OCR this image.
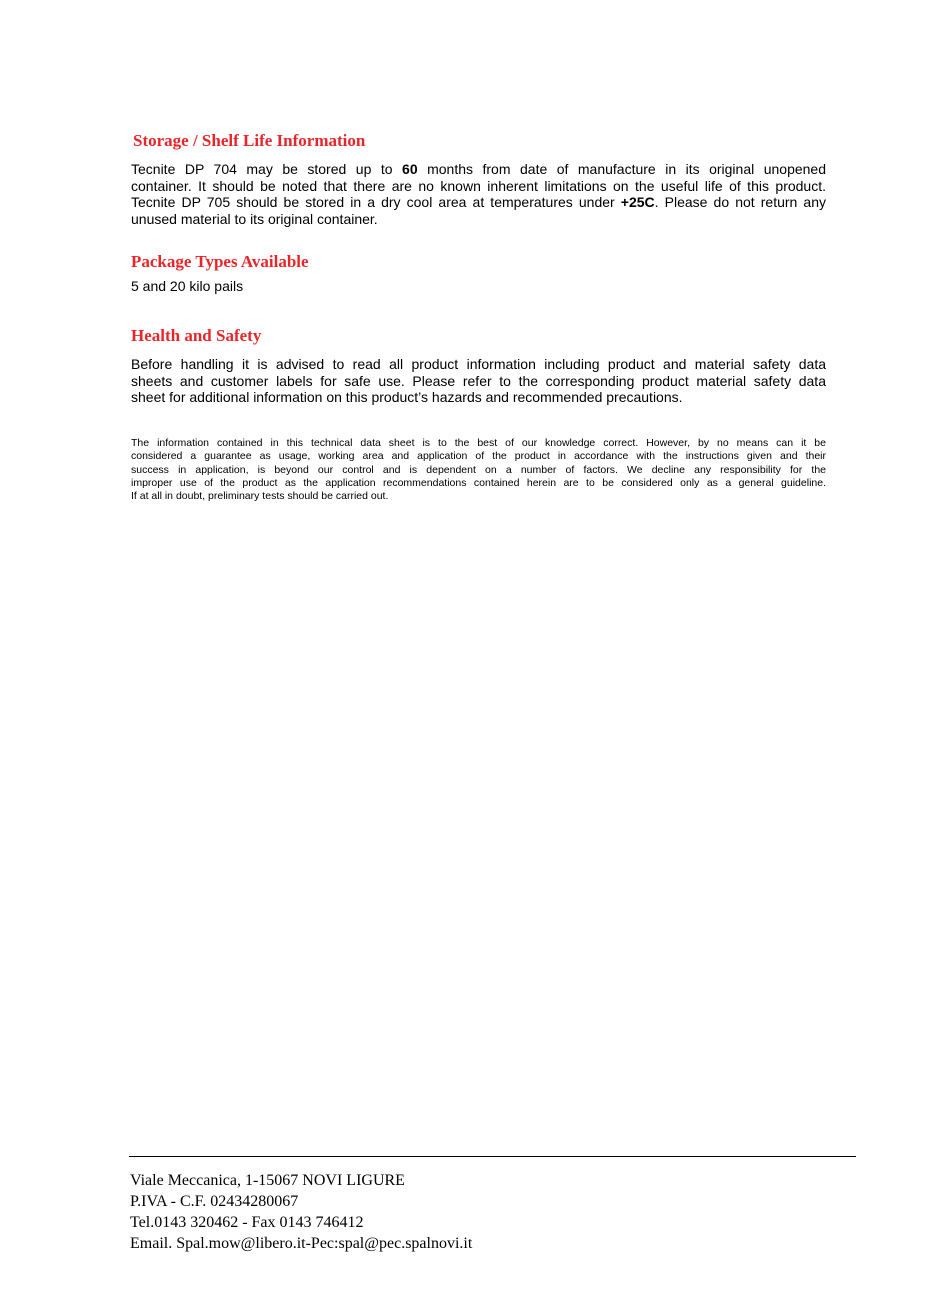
Storage / Shelf Life Information
Tecnite DP 704 may be stored up to 60 months from date of manufacture in its original unopened
container. It should be noted that there are no known inherent limitations on the useful life of this product.
Tecnite DP 705 should be stored in a dry cool area at temperatures under +25C. Please do not return any
unused material to its original container.
Package Types Available
5 and 20 kilo pails
Health and Safety
Before handling it is advised to read all product information including product and material safety data
sheets and customer labels for safe use. Please refer to the corresponding product material safety data
sheet for additional information on this product’s hazards and recommended precautions.
The information contained in this technical data sheet is to the best of our knowledge correct. However, by no means can it be
considered a guarantee as usage, working area and application of the product in accordance with the instructions given and their
success in application, is beyond our control and is dependent on a number of factors. We decline any responsibility for the
improper use of the product as the application recommendations contained herein are to be considered only as a general guideline.
If at all in doubt, preliminary tests should be carried out.
Viale Meccanica, 1-15067 NOVI LIGURE
P.IVA - C.F. 02434280067
Tel.0143 320462 - Fax 0143 746412
Email. Spal.mow@libero.it-Pec:spal@pec.spalnovi.it
